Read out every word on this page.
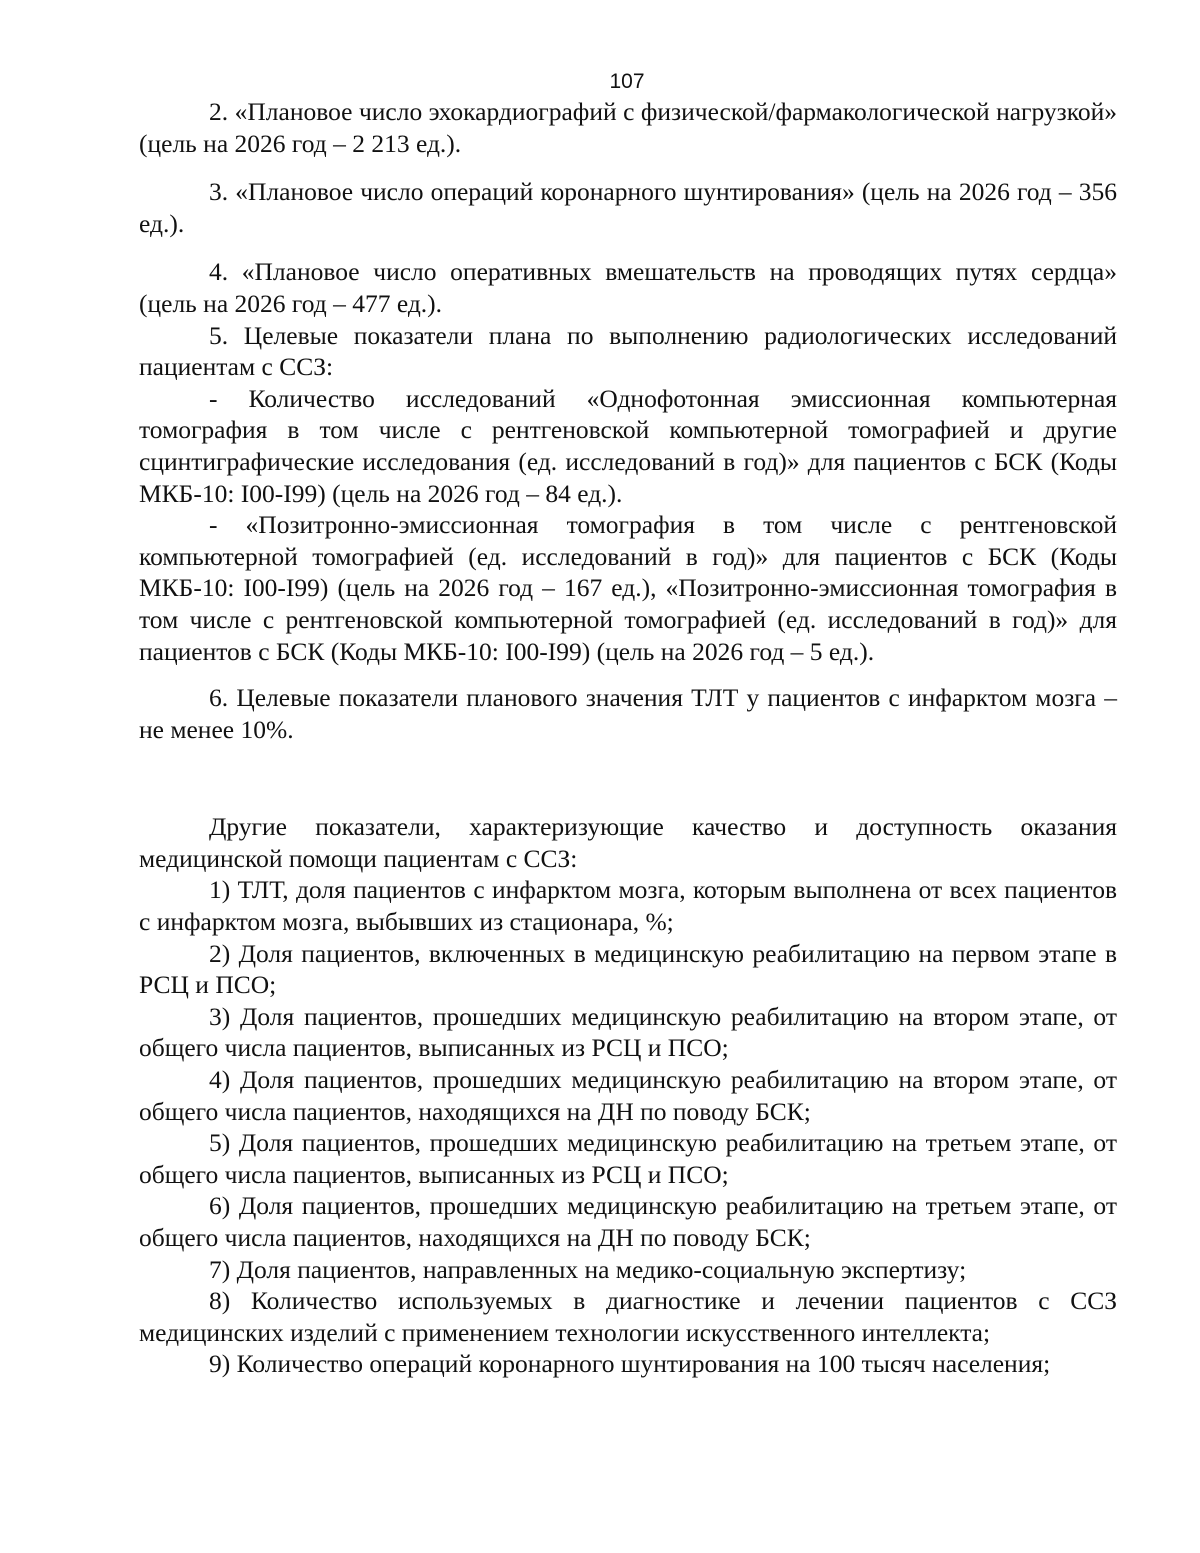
107

2. «Плановое число эхокардиографий с физической/фармакологической нагрузкой» (цель на 2026 год – 2 213 ед.).

3. «Плановое число операций коронарного шунтирования» (цель на 2026 год – 356 ед.).

4. «Плановое число оперативных вмешательств на проводящих путях сердца» (цель на 2026 год – 477 ед.).

5. Целевые показатели плана по выполнению радиологических исследований пациентам с ССЗ:

- Количество исследований «Однофотонная эмиссионная компьютерная томография в том числе с рентгеновской компьютерной томографией и другие сцинтиграфические исследования (ед. исследований в год)» для пациентов с БСК (Коды МКБ-10: I00-I99) (цель на 2026 год – 84 ед.).

- «Позитронно-эмиссионная томография в том числе с рентгеновской компьютерной томографией (ед. исследований в год)» для пациентов с БСК (Коды МКБ-10: I00-I99) (цель на 2026 год – 167 ед.), «Позитронно-эмиссионная томография в том числе с рентгеновской компьютерной томографией (ед. исследований в год)» для пациентов с БСК (Коды МКБ-10: I00-I99) (цель на 2026 год – 5 ед.).

6. Целевые показатели планового значения ТЛТ у пациентов с инфарктом мозга – не менее 10%.

Другие показатели, характеризующие качество и доступность оказания медицинской помощи пациентам с ССЗ:

1) ТЛТ, доля пациентов с инфарктом мозга, которым выполнена от всех пациентов с инфарктом мозга, выбывших из стационара, %;

2) Доля пациентов, включенных в медицинскую реабилитацию на первом этапе в РСЦ и ПСО;

3) Доля пациентов, прошедших медицинскую реабилитацию на втором этапе, от общего числа пациентов, выписанных из РСЦ и ПСО;

4) Доля пациентов, прошедших медицинскую реабилитацию на втором этапе, от общего числа пациентов, находящихся на ДН по поводу БСК;

5) Доля пациентов, прошедших медицинскую реабилитацию на третьем этапе, от общего числа пациентов, выписанных из РСЦ и ПСО;

6) Доля пациентов, прошедших медицинскую реабилитацию на третьем этапе, от общего числа пациентов, находящихся на ДН по поводу БСК;

7) Доля пациентов, направленных на медико-социальную экспертизу;

8) Количество используемых в диагностике и лечении пациентов с ССЗ медицинских изделий с применением технологии искусственного интеллекта;

9) Количество операций коронарного шунтирования на 100 тысяч населения;
